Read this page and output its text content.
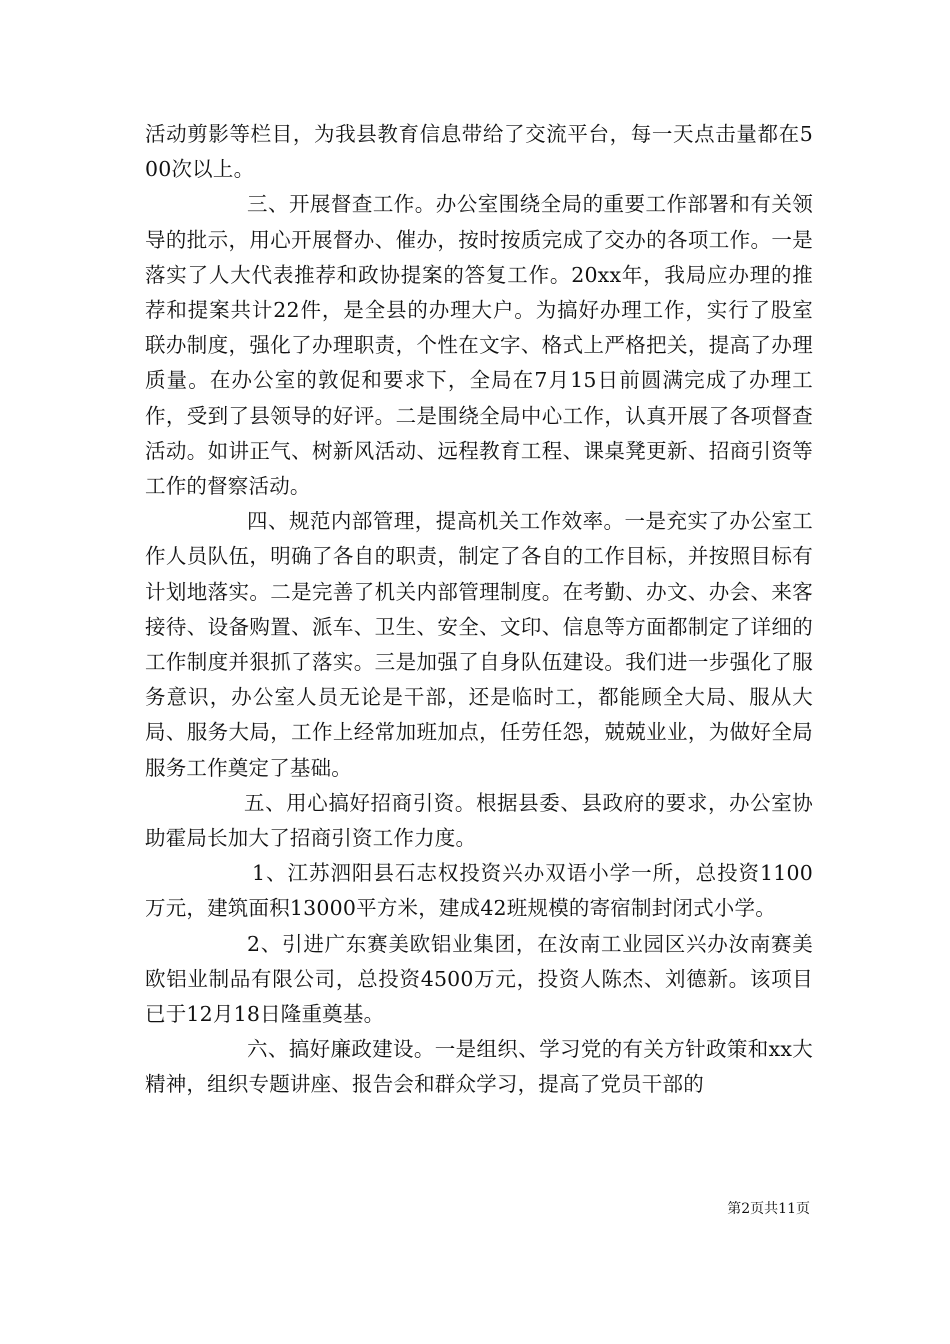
活动剪影等栏目，为我县教育信息带给了交流平台，每一天点击量都在500次以上。

三、开展督查工作。办公室围绕全局的重要工作部署和有关领导的批示，用心开展督办、催办，按时按质完成了交办的各项工作。一是落实了人大代表推荐和政协提案的答复工作。20xx年，我局应办理的推荐和提案共计22件，是全县的办理大户。为搞好办理工作，实行了股室联办制度，强化了办理职责，个性在文字、格式上严格把关，提高了办理质量。在办公室的敦促和要求下，全局在7月15日前圆满完成了办理工作，受到了县领导的好评。二是围绕全局中心工作，认真开展了各项督查活动。如讲正气、树新风活动、远程教育工程、课桌凳更新、招商引资等工作的督察活动。

四、规范内部管理，提高机关工作效率。一是充实了办公室工作人员队伍，明确了各自的职责，制定了各自的工作目标，并按照目标有计划地落实。二是完善了机关内部管理制度。在考勤、办文、办会、来客接待、设备购置、派车、卫生、安全、文印、信息等方面都制定了详细的工作制度并狠抓了落实。三是加强了自身队伍建设。我们进一步强化了服务意识，办公室人员无论是干部，还是临时工，都能顾全大局、服从大局、服务大局，工作上经常加班加点，任劳任怨，兢兢业业，为做好全局服务工作奠定了基础。

五、用心搞好招商引资。根据县委、县政府的要求，办公室协助霍局长加大了招商引资工作力度。

1、江苏泗阳县石志权投资兴办双语小学一所，总投资1100万元，建筑面积13000平方米，建成42班规模的寄宿制封闭式小学。

2、引进广东赛美欧铝业集团，在汝南工业园区兴办汝南赛美欧铝业制品有限公司，总投资4500万元，投资人陈杰、刘德新。该项目已于12月18日隆重奠基。

六、搞好廉政建设。一是组织、学习党的有关方针政策和xx大精神，组织专题讲座、报告会和群众学习，提高了党员干部的

第2页共11页
